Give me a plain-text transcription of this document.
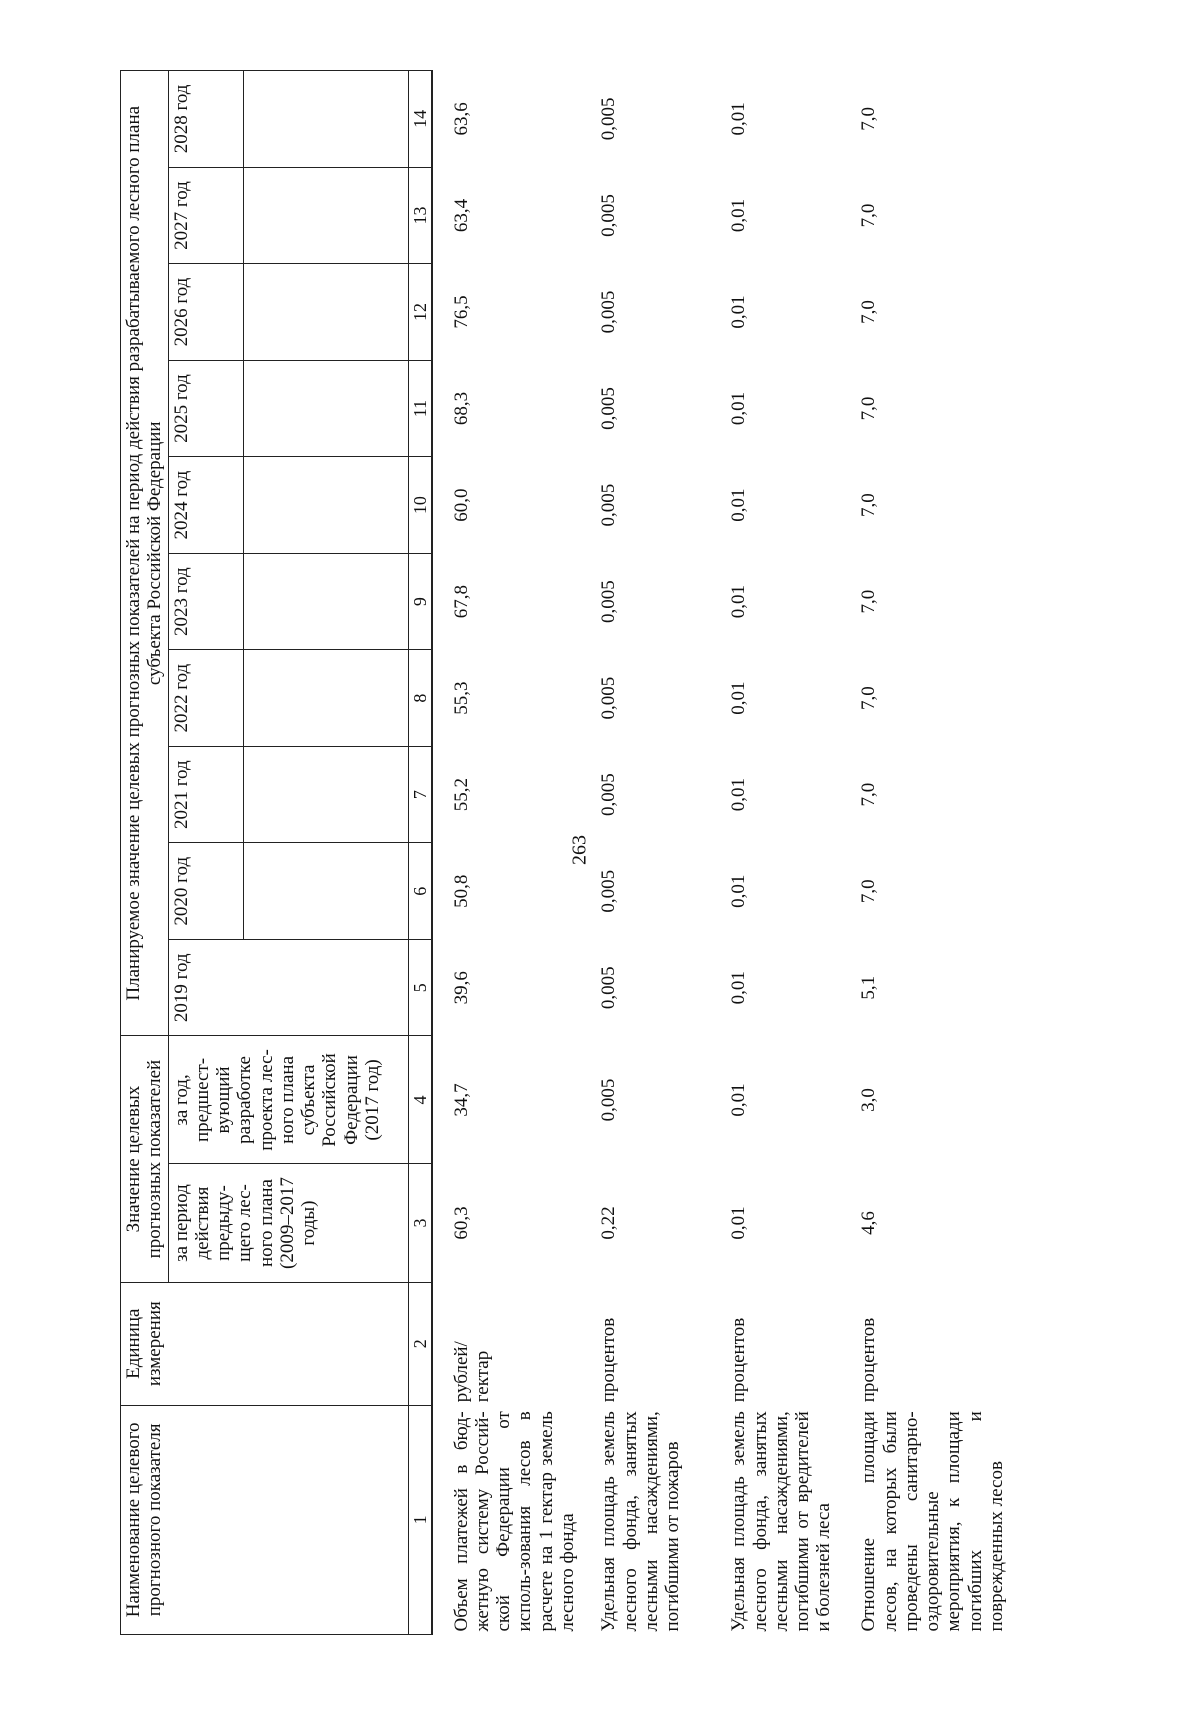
263
Наименование целевого прогнозного показателя	Единица измерения	Значение целевых прогнозных показателей		Планируемое значение целевых прогнозных показателей на период действия разрабатываемого лесного плана субъекта Российской Федерации									
		за период действия предыду-щего лес-ного плана (2009–2017 годы)	за год, предшест-вующий разработке проекта лес-ного плана субъекта Российской Федерации (2017 год)	2019 год	2020 год	2021 год	2022 год	2023 год	2024 год	2025 год	2026 год	2027 год	2028 год

1	2	3	4	5	6	7	8	9	10	11	12	13	14
Объем платежей в бюд-жетную систему Россий-ской Федерации от исполь-зования лесов в расчете на 1 гектар земель лесного фонда	рублей/ гектар	60,3	34,7	39,6	50,8	55,2	55,3	67,8	60,0	68,3	76,5	63,4	63,6
Удельная площадь земель лесного фонда, занятых лесными насаждениями, погибшими от пожаров	процентов	0,22	0,005	0,005	0,005	0,005	0,005	0,005	0,005	0,005	0,005	0,005	0,005
Удельная площадь земель лесного фонда, занятых лесными насаждениями, погибшими от вредителей и болезней леса	процентов	0,01	0,01	0,01	0,01	0,01	0,01	0,01	0,01	0,01	0,01	0,01	0,01
Отношение площади лесов, на которых были проведены санитарно-оздоровительные мероприятия, к площади погибших и поврежденных лесов	процентов	4,6	3,0	5,1	7,0	7,0	7,0	7,0	7,0	7,0	7,0	7,0	7,0
